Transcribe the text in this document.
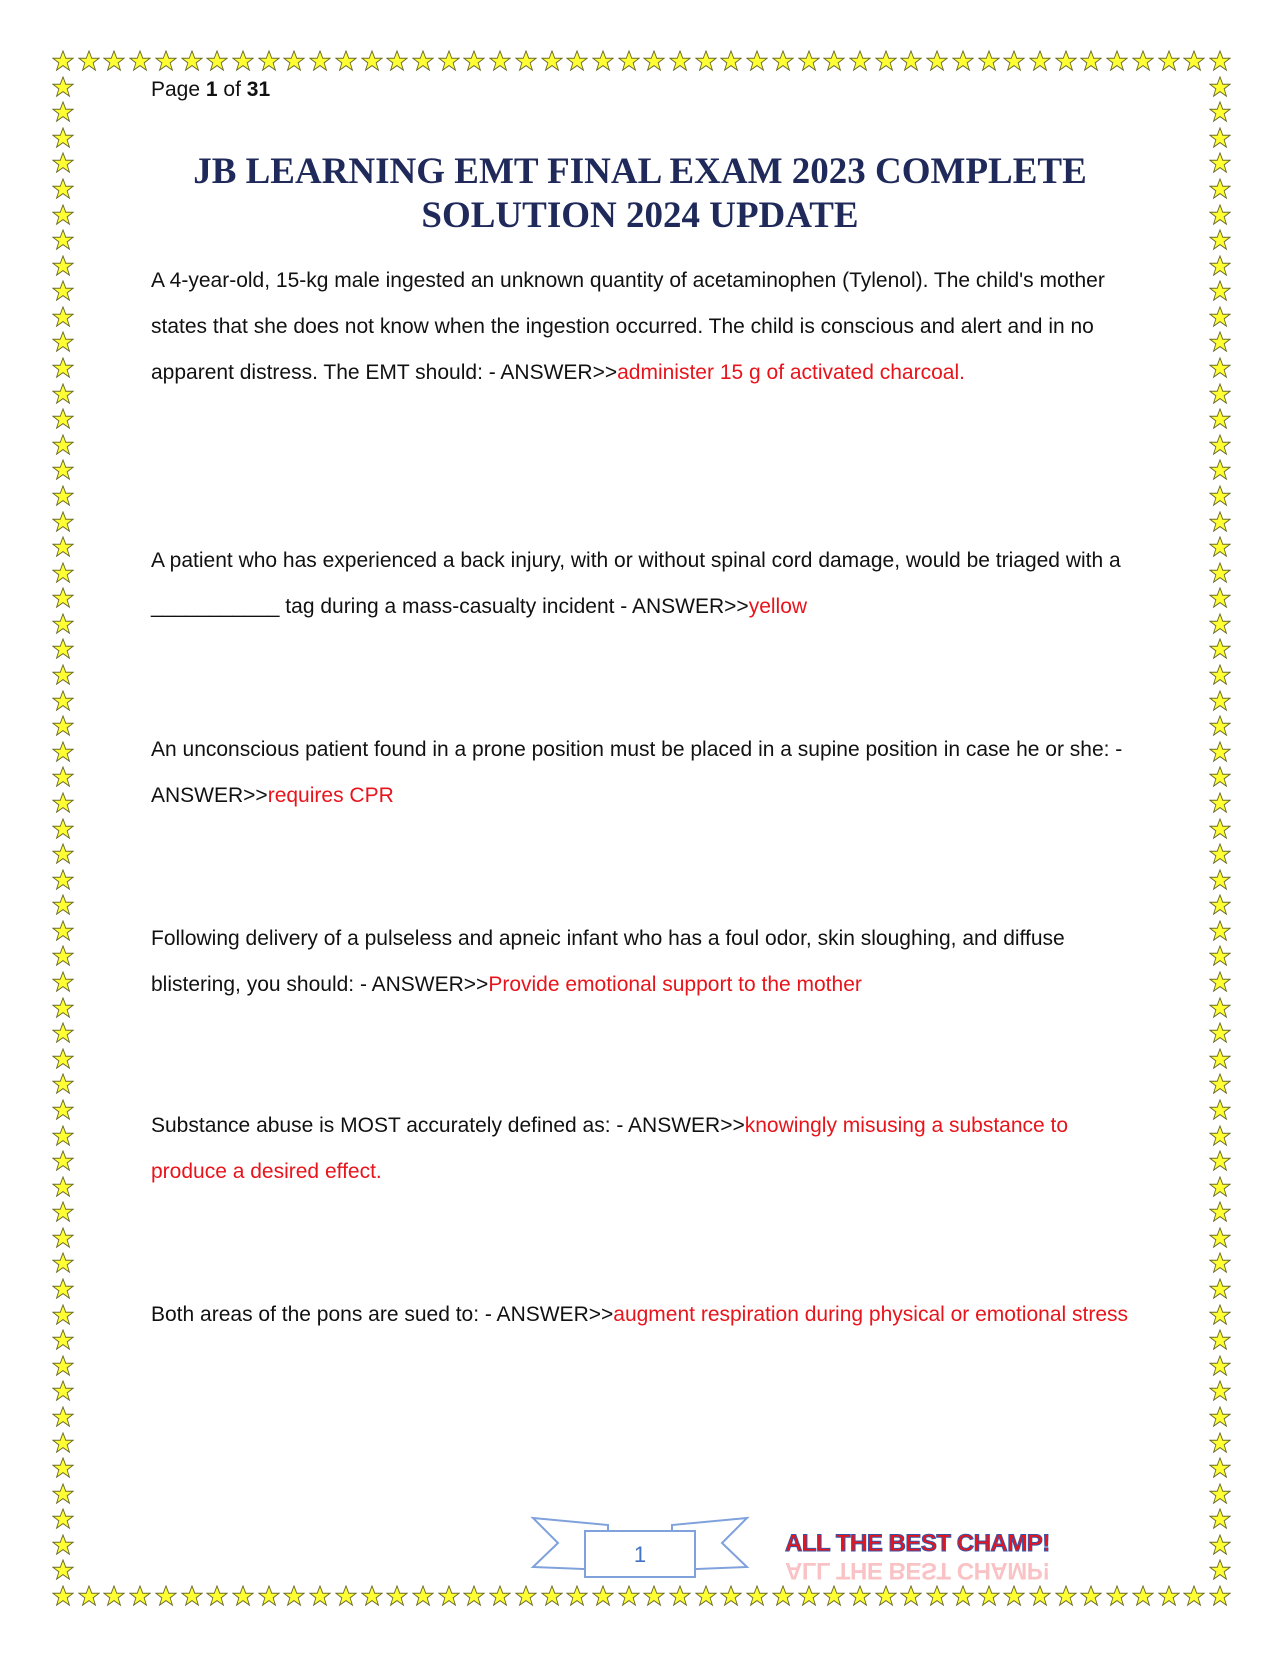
Page 1 of 31
JB LEARNING EMT FINAL EXAM 2023 COMPLETE SOLUTION 2024 UPDATE
A 4-year-old, 15-kg male ingested an unknown quantity of acetaminophen (Tylenol). The child's mother states that she does not know when the ingestion occurred. The child is conscious and alert and in no apparent distress. The EMT should: - ANSWER>>administer 15 g of activated charcoal.
A patient who has experienced a back injury, with or without spinal cord damage, would be triaged with a ___________ tag during a mass-casualty incident - ANSWER>>yellow
An unconscious patient found in a prone position must be placed in a supine position in case he or she: - ANSWER>>requires CPR
Following delivery of a pulseless and apneic infant who has a foul odor, skin sloughing, and diffuse blistering, you should: - ANSWER>>Provide emotional support to the mother
Substance abuse is MOST accurately defined as: - ANSWER>>knowingly misusing a substance to produce a desired effect.
Both areas of the pons are sued to: - ANSWER>>augment respiration during physical or emotional stress
1	ALL THE BEST CHAMP!
ALL THE BEST CHAMP!
